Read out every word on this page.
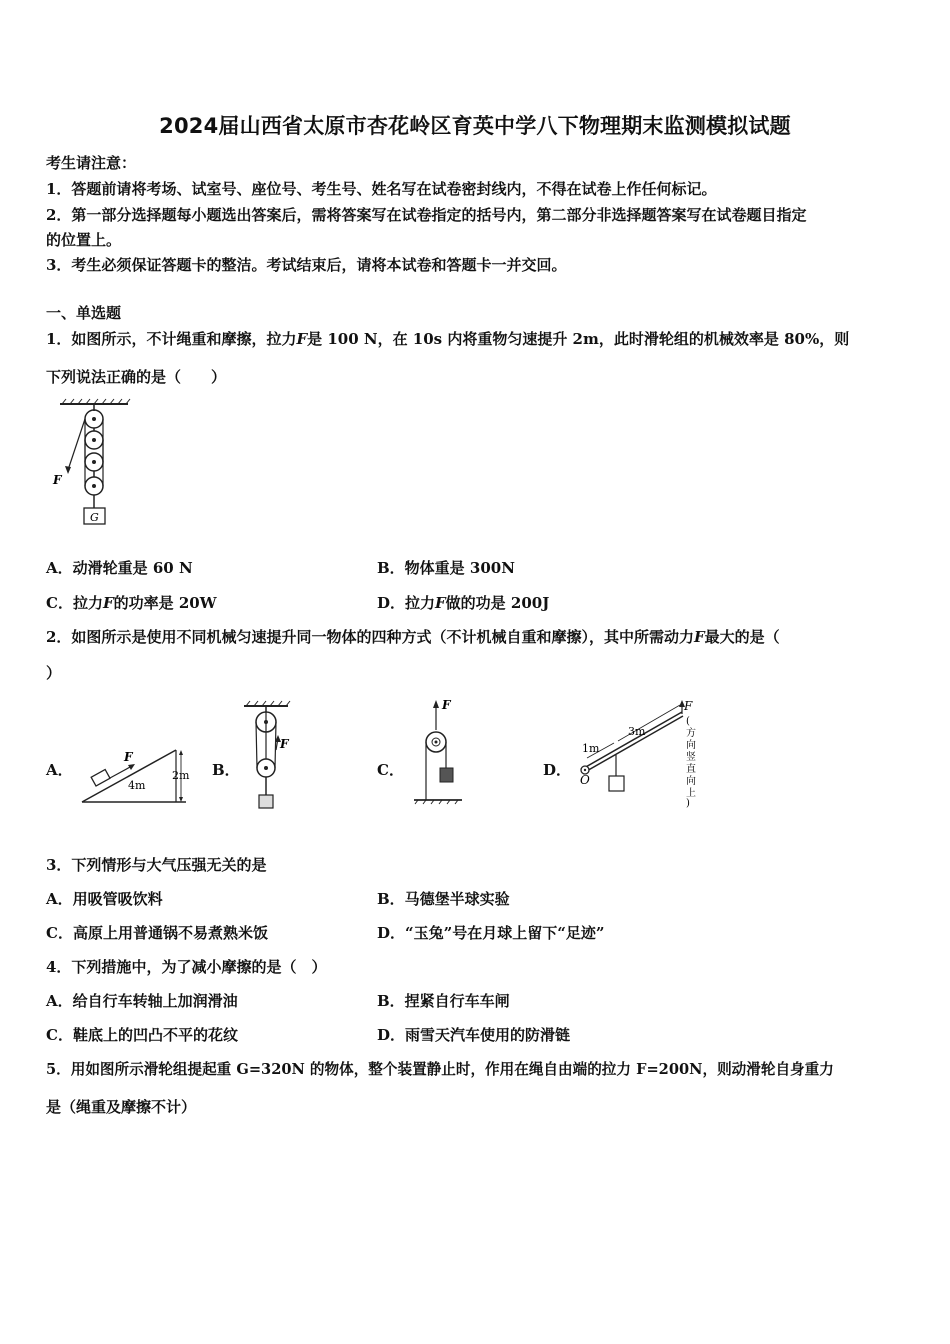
2024届山西省太原市杏花岭区育英中学八下物理期末监测模拟试题
考生请注意：
1．答题前请将考场、试室号、座位号、考生号、姓名写在试卷密封线内，不得在试卷上作任何标记。
2．第一部分选择题每小题选出答案后，需将答案写在试卷指定的括号内，第二部分非选择题答案写在试卷题目指定
的位置上。
3．考生必须保证答题卡的整洁。考试结束后，请将本试卷和答题卡一并交回。
一、单选题
1．如图所示，不计绳重和摩擦，拉力F是 100 N，在 10s 内将重物匀速提升 2m，此时滑轮组的机械效率是 80%，则
下列说法正确的是（　　）
F
G
A．动滑轮重是 60 N	B．物体重是 300N
C．拉力F的功率是 20W	D．拉力F做的功是 200J
2．如图所示是使用不同机械匀速提升同一物体的四种方式（不计机械自重和摩擦），其中所需动力F最大的是（
）
A．
F
4m
2m B．
F
C．
F
D．
O
1m
3m
F
(
方
向
竖
直
向
上
)
3．下列情形与大气压强无关的是
A．用吸管吸饮料	B．马德堡半球实验
C．高原上用普通锅不易煮熟米饭	D．“玉兔”号在月球上留下“足迹”
4．下列措施中，为了减小摩擦的是（　）
A．给自行车转轴上加润滑油	B．捏紧自行车车闸
C．鞋底上的凹凸不平的花纹	D．雨雪天汽车使用的防滑链
5．用如图所示滑轮组提起重 G=320N 的物体，整个装置静止时，作用在绳自由端的拉力 F=200N，则动滑轮自身重力
是（绳重及摩擦不计）
